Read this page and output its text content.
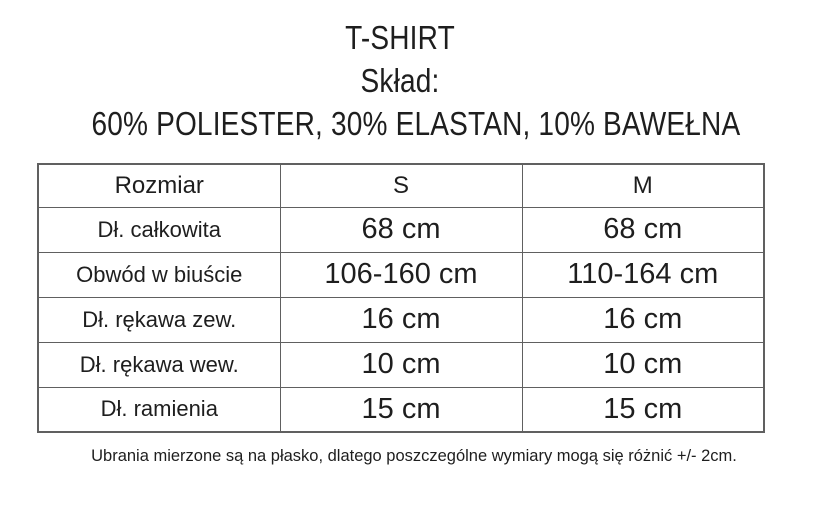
T-SHIRT
Skład:
60% POLIESTER, 30% ELASTAN, 10% BAWEŁNA
Rozmiar	S	M
Dł. całkowita	68 cm	68 cm
Obwód w biuście	106-160 cm	110-164 cm
Dł. rękawa zew.	16 cm	16 cm
Dł. rękawa wew.	10 cm	10 cm
Dł. ramienia	15 cm	15 cm
Ubrania mierzone są na płasko, dlatego poszczególne wymiary mogą się różnić +/- 2cm.
